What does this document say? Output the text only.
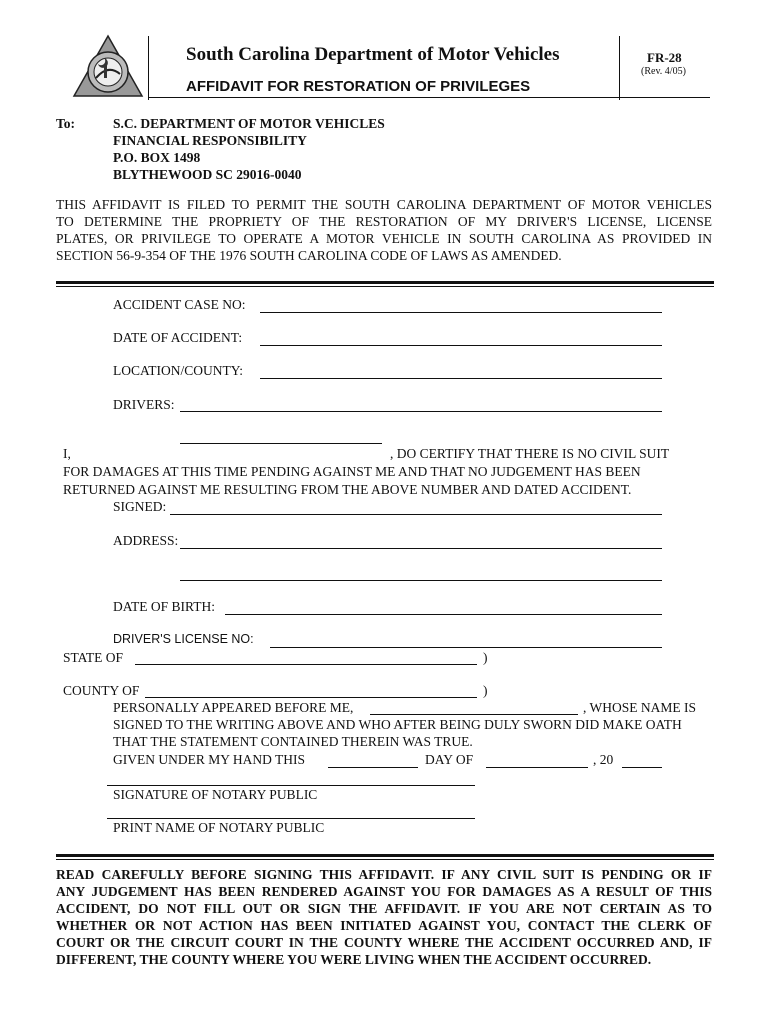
South Carolina Department of Motor Vehicles
AFFIDAVIT FOR RESTORATION OF PRIVILEGES
FR-28
(Rev. 4/05)
To:	S.C. DEPARTMENT OF MOTOR VEHICLES
FINANCIAL RESPONSIBILITY
P.O. BOX 1498
BLYTHEWOOD SC 29016-0040
THIS AFFIDAVIT IS FILED TO PERMIT THE SOUTH CAROLINA DEPARTMENT OF MOTOR VEHICLES
TO DETERMINE THE PROPRIETY OF THE RESTORATION OF MY DRIVER'S LICENSE, LICENSE
PLATES, OR PRIVILEGE TO OPERATE A MOTOR VEHICLE IN SOUTH CAROLINA AS PROVIDED IN
SECTION 56-9-354 OF THE 1976 SOUTH CAROLINA CODE OF LAWS AS AMENDED.
ACCIDENT CASE NO:
DATE OF ACCIDENT:
LOCATION/COUNTY:
DRIVERS:
I,	, DO CERTIFY THAT THERE IS NO CIVIL SUIT
FOR DAMAGES AT THIS TIME PENDING AGAINST ME AND THAT NO JUDGEMENT HAS BEEN
RETURNED AGAINST ME RESULTING FROM THE ABOVE NUMBER AND DATED ACCIDENT.
SIGNED:
ADDRESS:
DATE OF BIRTH:
DRIVER'S LICENSE NO:
STATE OF	)
COUNTY OF	)
PERSONALLY APPEARED BEFORE ME,	, WHOSE NAME IS
SIGNED TO THE WRITING ABOVE AND WHO AFTER BEING DULY SWORN DID MAKE OATH
THAT THE STATEMENT CONTAINED THEREIN WAS TRUE.
GIVEN UNDER MY HAND THIS	DAY OF	, 20
SIGNATURE OF NOTARY PUBLIC
PRINT NAME OF NOTARY PUBLIC
READ CAREFULLY BEFORE SIGNING THIS AFFIDAVIT. IF ANY CIVIL SUIT IS PENDING OR IF
ANY JUDGEMENT HAS BEEN RENDERED AGAINST YOU FOR DAMAGES AS A RESULT OF THIS
ACCIDENT, DO NOT FILL OUT OR SIGN THE AFFIDAVIT. IF YOU ARE NOT CERTAIN AS TO
WHETHER OR NOT ACTION HAS BEEN INITIATED AGAINST YOU, CONTACT THE CLERK OF
COURT OR THE CIRCUIT COURT IN THE COUNTY WHERE THE ACCIDENT OCCURRED AND, IF
DIFFERENT, THE COUNTY WHERE YOU WERE LIVING WHEN THE ACCIDENT OCCURRED.
